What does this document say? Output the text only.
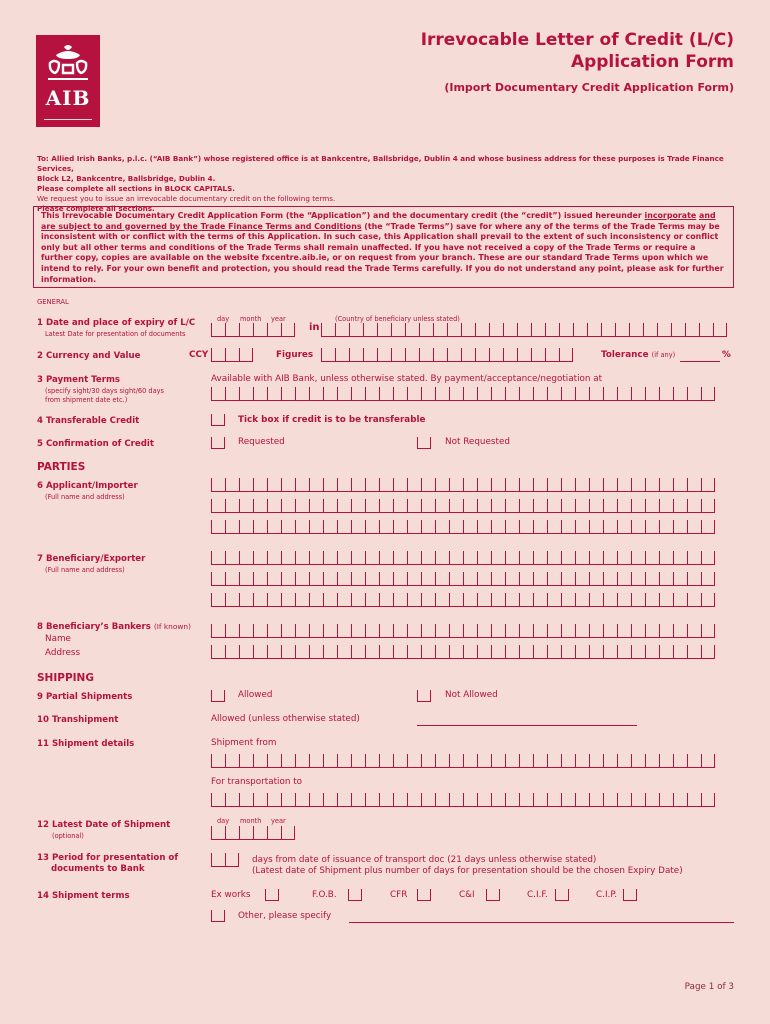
AIB
Irrevocable Letter of Credit (L/C)
Application Form
(Import Documentary Credit Application Form)
To: Allied Irish Banks, p.l.c. (“AIB Bank”) whose registered office is at Bankcentre, Ballsbridge, Dublin 4 and whose business address for these purposes is Trade Finance Services,
Block L2, Bankcentre, Ballsbridge, Dublin 4.
Please complete all sections in BLOCK CAPITALS.
We request you to issue an irrevocable documentary credit on the following terms.
Please complete all sections.
This Irrevocable Documentary Credit Application Form (the “Application”) and the documentary credit (the “credit”) issued hereunder incorporate and are subject to and governed by the Trade Finance Terms and Conditions (the “Trade Terms”) save for where any of the terms of the Trade Terms may be inconsistent with or conflict with the terms of this Application. In such case, this Application shall prevail to the extent of such inconsistency or conflict only but all other terms and conditions of the Trade Terms shall remain unaffected. If you have not received a copy of the Trade Terms or require a further copy, copies are available on the website fxcentre.aib.ie, or on request from your branch. These are our standard Trade Terms upon which we intend to rely. For your own benefit and protection, you should read the Trade Terms carefully. If you do not understand any point, please ask for further information.
GENERAL
1 Date and place of expiry of L/C
Latest Date for presentation of documents
day month year
in
(Country of beneficiary unless stated)
2 Currency and Value	CCY	Figures	Tolerance (if any)	%
3 Payment Terms
(specify sight/30 days sight/60 days
from shipment date etc.)
Available with AIB Bank, unless otherwise stated. By payment/acceptance/negotiation at
4 Transferable Credit	Tick box if credit is to be transferable
5 Confirmation of Credit	Requested	Not Requested
PARTIES
6 Applicant/Importer
(Full name and address)
7 Beneficiary/Exporter
(Full name and address)
8 Beneficiary’s Bankers (If known)
Name
Address
SHIPPING
9 Partial Shipments	Allowed	Not Allowed
10 Transhipment	Allowed (unless otherwise stated)
11 Shipment details	Shipment from
For transportation to
12 Latest Date of Shipment
(optional)
day month year
13 Period for presentation of
documents to Bank
days from date of issuance of transport doc (21 days unless otherwise stated)
(Latest date of Shipment plus number of days for presentation should be the chosen Expiry Date)
14 Shipment terms	Ex works	F.O.B.	CFR	C&I	C.I.F.	C.I.P.
Other, please specify
Page 1 of 3
